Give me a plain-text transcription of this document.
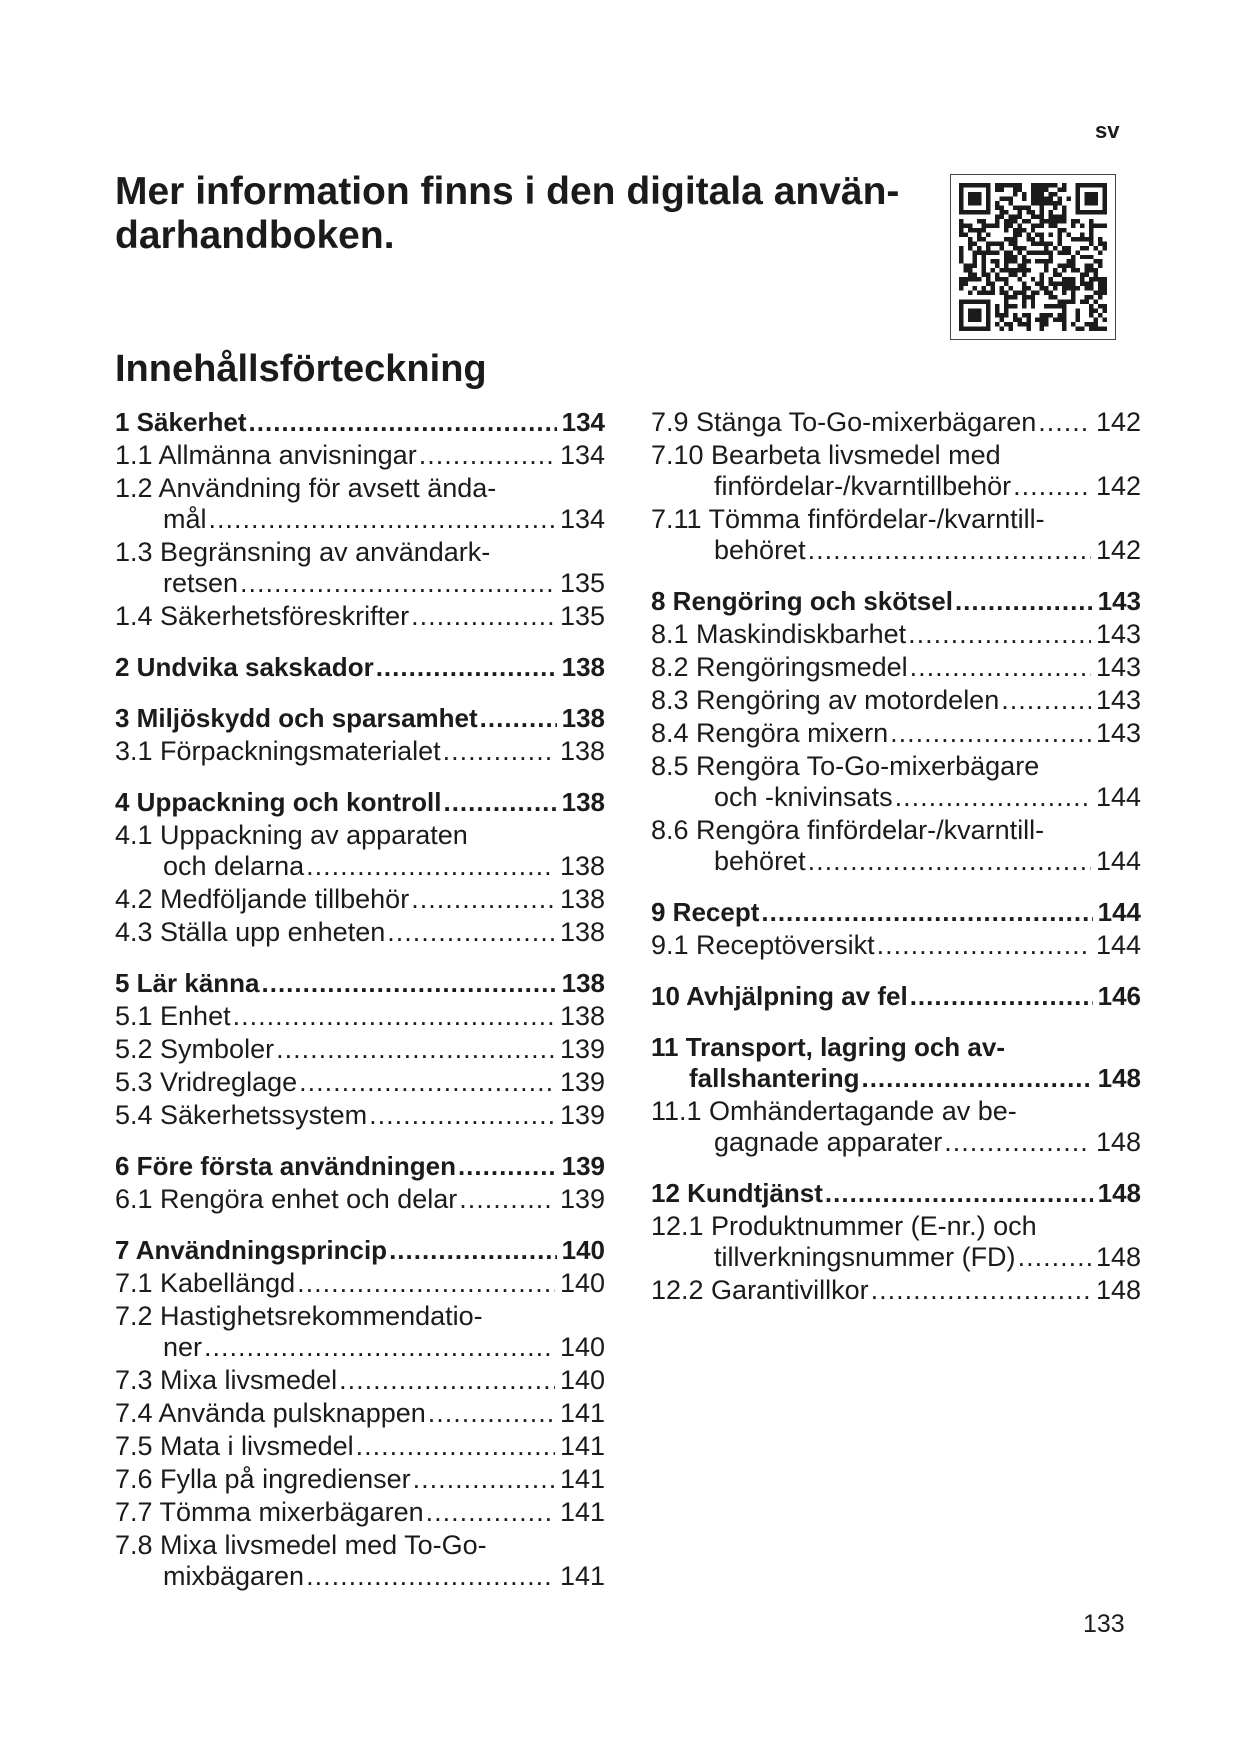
sv
Mer information finns i den digitala använ-
darhandboken.
Innehållsförteckning
1 Säkerhet .....	134
1.1 Allmänna anvisningar .....	134
1.2 Användning för avsett ända-
mål .....	134
1.3 Begränsning av användark-
retsen .....	135
1.4 Säkerhetsföreskrifter .....	135
2 Undvika sakskador .....	138
3 Miljöskydd och sparsamhet .....	138
3.1 Förpackningsmaterialet .....	138
4 Uppackning och kontroll .....	138
4.1 Uppackning av apparaten
och delarna .....	138
4.2 Medföljande tillbehör .....	138
4.3 Ställa upp enheten .....	138
5 Lär känna .....	138
5.1 Enhet .....	138
5.2 Symboler .....	139
5.3 Vridreglage .....	139
5.4 Säkerhetssystem .....	139
6 Före första användningen .....	139
6.1 Rengöra enhet och delar .....	139
7 Användningsprincip .....	140
7.1 Kabellängd .....	140
7.2 Hastighetsrekommendatio-
ner .....	140
7.3 Mixa livsmedel .....	140
7.4 Använda pulsknappen .....	141
7.5 Mata i livsmedel .....	141
7.6 Fylla på ingredienser .....	141
7.7 Tömma mixerbägaren .....	141
7.8 Mixa livsmedel med To-Go-
mixbägaren .....	141
7.9 Stänga To-Go-mixerbägaren ..... 142
7.10 Bearbeta livsmedel med
finfördelar-/kvarntillbehör .....	142
7.11 Tömma finfördelar-/kvarntill-
behöret .....	142
8 Rengöring och skötsel .....	143
8.1 Maskindiskbarhet .....	143
8.2 Rengöringsmedel .....	143
8.3 Rengöring av motordelen .....	143
8.4 Rengöra mixern .....	143
8.5 Rengöra To-Go-mixerbägare
och -knivinsats .....	144
8.6 Rengöra finfördelar-/kvarntill-
behöret .....	144
9 Recept .....	144
9.1 Receptöversikt .....	144
10 Avhjälpning av fel .....	146
11 Transport, lagring och av-
fallshantering .....	148
11.1 Omhändertagande av be-
gagnade apparater .....	148
12 Kundtjänst .....	148
12.1 Produktnummer (E-nr.) och
tillverkningsnummer (FD) .....	148
12.2 Garantivillkor .....	148
133
